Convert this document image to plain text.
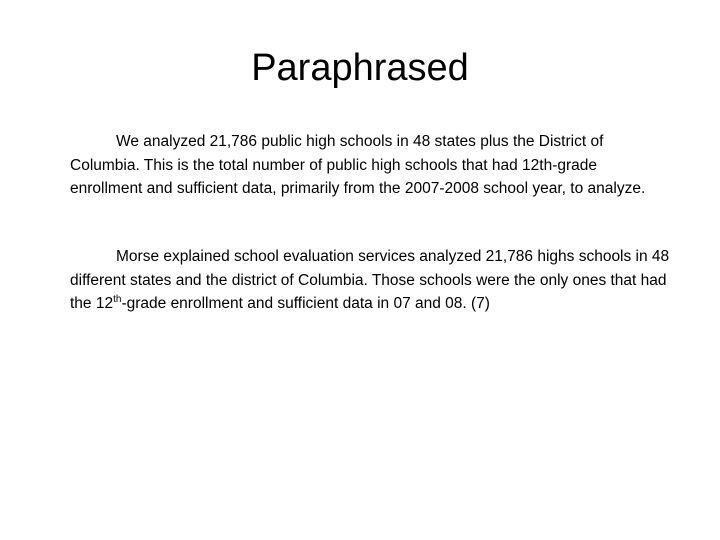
Paraphrased

We analyzed 21,786 public high schools in 48 states plus the District of Columbia. This is the total number of public high schools that had 12th-grade enrollment and sufficient data, primarily from the 2007-2008 school year, to analyze.

Morse explained school evaluation services analyzed 21,786 highs schools in 48 different states and the district of Columbia. Those schools were the only ones that had the 12th-grade enrollment and sufficient data in 07 and 08. (7)
